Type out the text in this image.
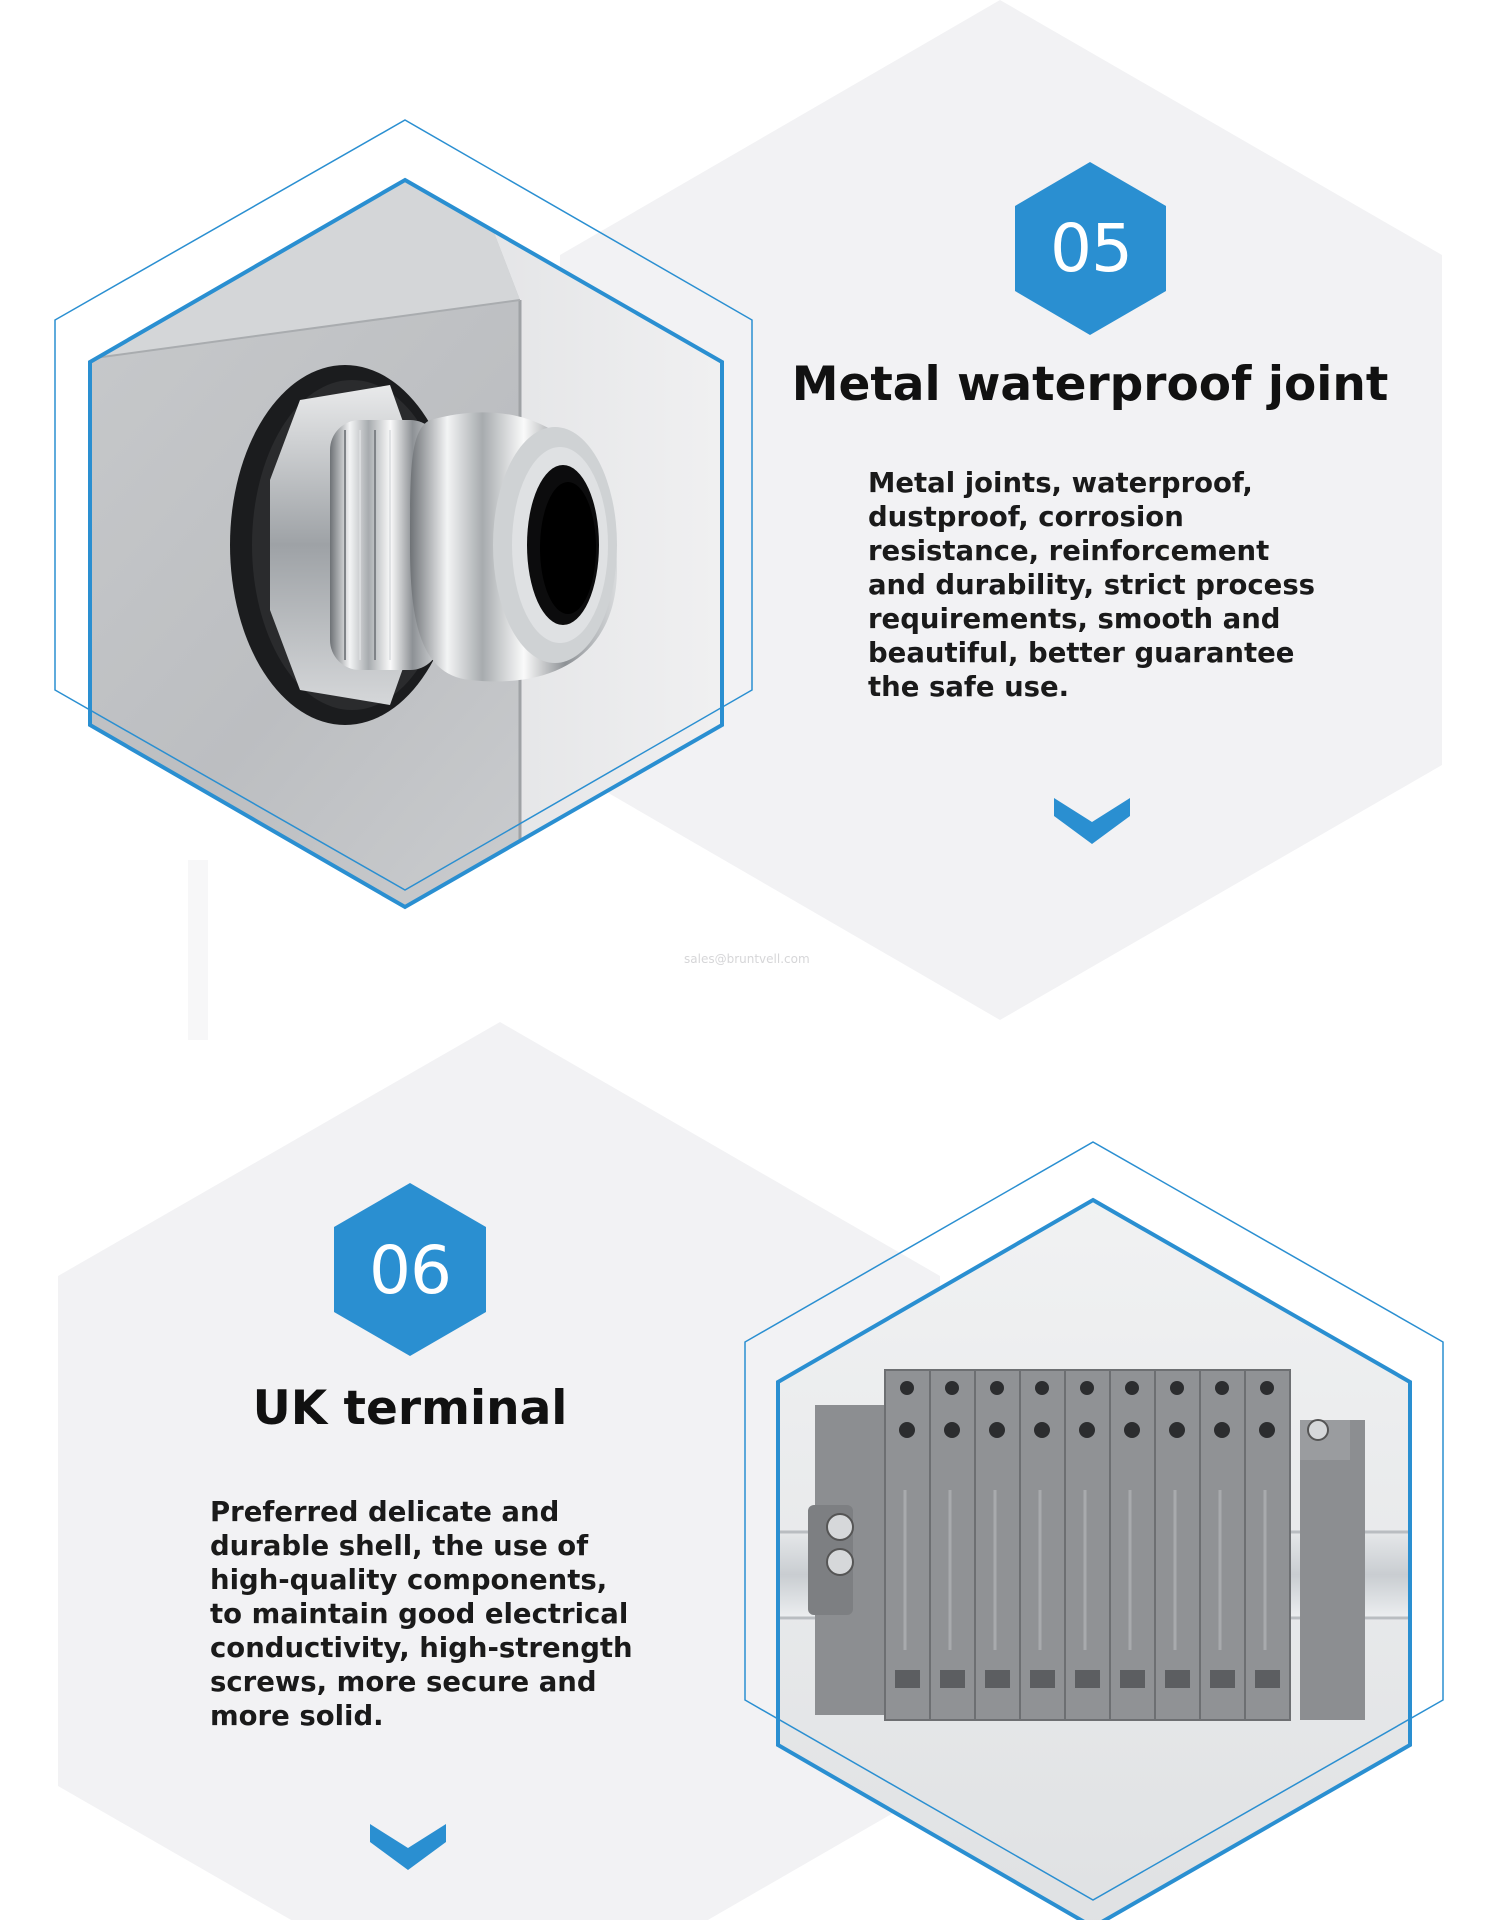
05
Metal waterproof joint

Metal joints, waterproof, dustproof, corrosion resistance, reinforcement and durability, strict process requirements, smooth and beautiful, better guarantee the safe use.

sales@bruntvell.com
06
UK terminal

Preferred delicate and durable shell, the use of high-quality components, to maintain good electrical conductivity, high-strength screws, more secure and more solid.
